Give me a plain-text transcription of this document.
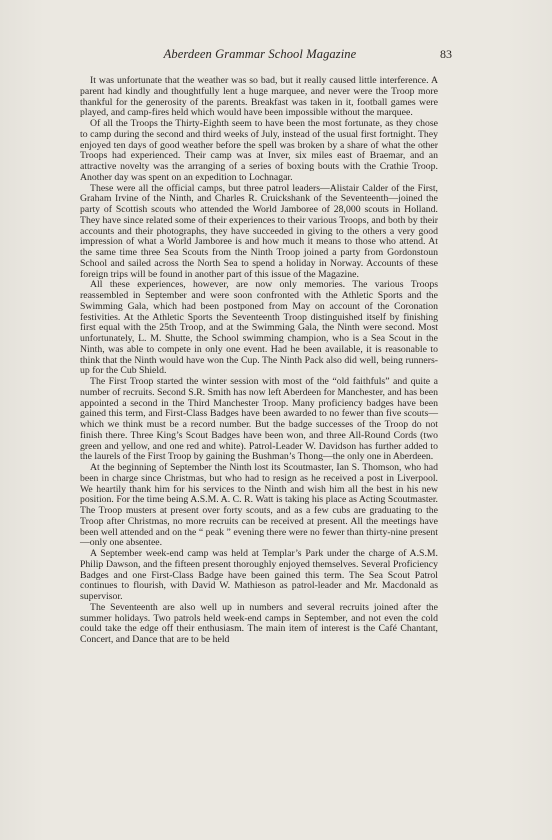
Aberdeen Grammar School Magazine	83

It was unfortunate that the weather was so bad, but it really caused little interference. A parent had kindly and thoughtfully lent a huge marquee, and never were the Troop more thankful for the generosity of the parents. Breakfast was taken in it, football games were played, and camp-fires held which would have been impossible without the marquee.

Of all the Troops the Thirty-Eighth seem to have been the most fortunate, as they chose to camp during the second and third weeks of July, instead of the usual first fortnight. They enjoyed ten days of good weather before the spell was broken by a share of what the other Troops had experienced. Their camp was at Inver, six miles east of Braemar, and an attractive novelty was the arranging of a series of boxing bouts with the Crathie Troop. Another day was spent on an expedition to Lochnagar.

These were all the official camps, but three patrol leaders—Alistair Calder of the First, Graham Irvine of the Ninth, and Charles R. Cruickshank of the Seventeenth—joined the party of Scottish scouts who attended the World Jamboree of 28,000 scouts in Holland. They have since related some of their experiences to their various Troops, and both by their accounts and their photographs, they have succeeded in giving to the others a very good impression of what a World Jamboree is and how much it means to those who attend. At the same time three Sea Scouts from the Ninth Troop joined a party from Gordonstoun School and sailed across the North Sea to spend a holiday in Norway. Accounts of these foreign trips will be found in another part of this issue of the Magazine.

All these experiences, however, are now only memories. The various Troops reassembled in September and were soon confronted with the Athletic Sports and the Swimming Gala, which had been postponed from May on account of the Coronation festivities. At the Athletic Sports the Seventeenth Troop distinguished itself by finishing first equal with the 25th Troop, and at the Swimming Gala, the Ninth were second. Most unfortunately, L. M. Shutte, the School swimming champion, who is a Sea Scout in the Ninth, was able to compete in only one event. Had he been available, it is reasonable to think that the Ninth would have won the Cup. The Ninth Pack also did well, being runners-up for the Cub Shield.

The First Troop started the winter session with most of the “old faithfuls” and quite a number of recruits. Second S.R. Smith has now left Aberdeen for Manchester, and has been appointed a second in the Third Manchester Troop. Many proficiency badges have been gained this term, and First-Class Badges have been awarded to no fewer than five scouts—which we think must be a record number. But the badge successes of the Troop do not finish there. Three King’s Scout Badges have been won, and three All-Round Cords (two green and yellow, and one red and white). Patrol-Leader W. Davidson has further added to the laurels of the First Troop by gaining the Bushman’s Thong—the only one in Aberdeen.

At the beginning of September the Ninth lost its Scoutmaster, Ian S. Thomson, who had been in charge since Christmas, but who had to resign as he received a post in Liverpool. We heartily thank him for his services to the Ninth and wish him all the best in his new position. For the time being A.S.M. A. C. R. Watt is taking his place as Acting Scoutmaster. The Troop musters at present over forty scouts, and as a few cubs are graduating to the Troop after Christmas, no more recruits can be received at present. All the meetings have been well attended and on the “ peak ” evening there were no fewer than thirty-nine present—only one absentee.

A September week-end camp was held at Templar’s Park under the charge of A.S.M. Philip Dawson, and the fifteen present thoroughly enjoyed themselves. Several Proficiency Badges and one First-Class Badge have been gained this term. The Sea Scout Patrol continues to flourish, with David W. Mathieson as patrol-leader and Mr. Macdonald as supervisor.

The Seventeenth are also well up in numbers and several recruits joined after the summer holidays. Two patrols held week-end camps in September, and not even the cold could take the edge off their enthusiasm. The main item of interest is the Café Chantant, Concert, and Dance that are to be held
